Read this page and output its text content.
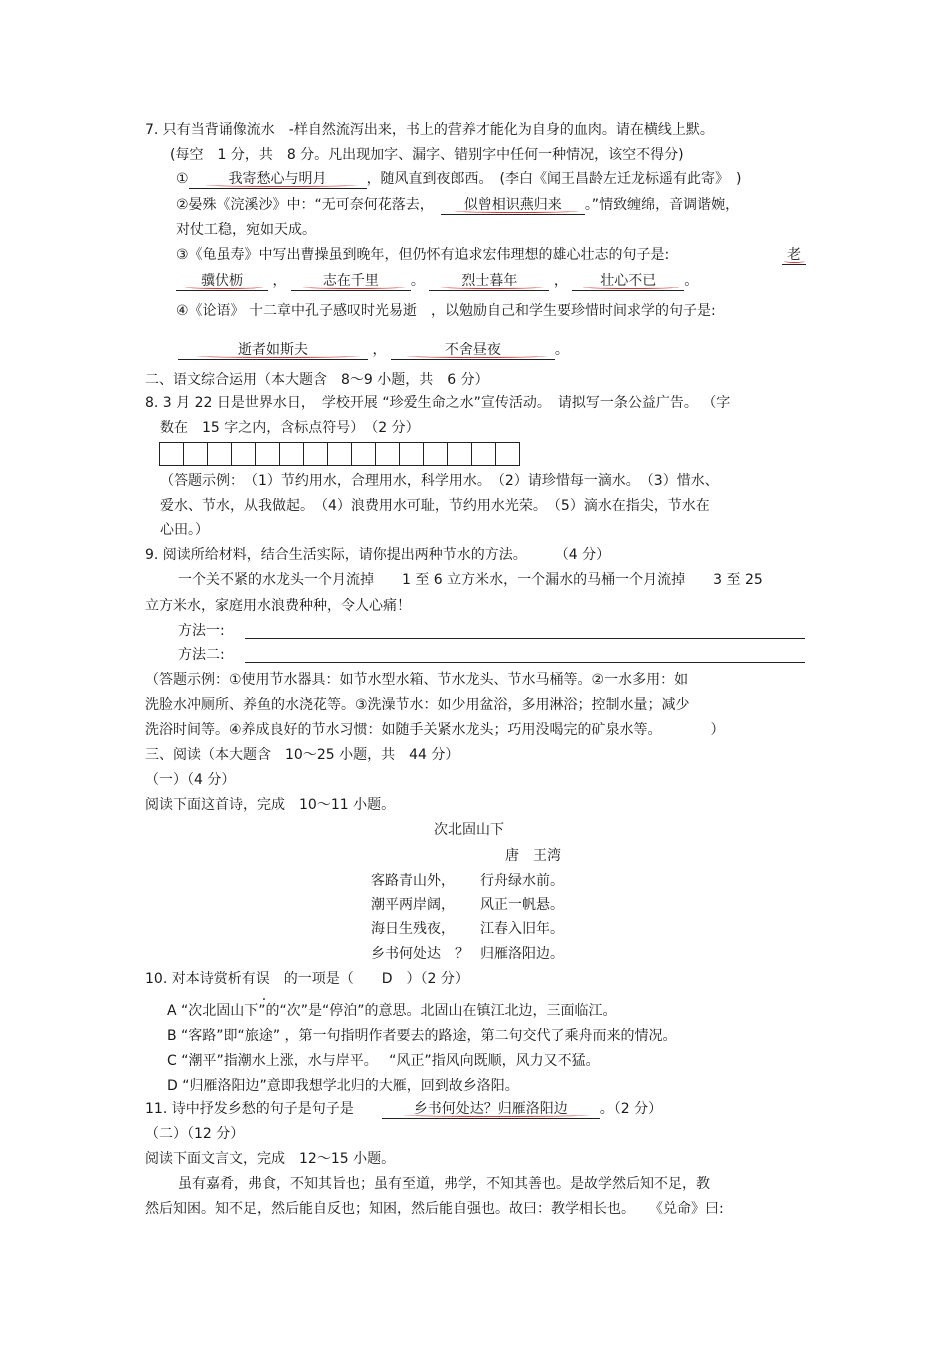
7. 只有当背诵像流水　-样自然流泻出来，书上的营养才能化为自身的血肉。请在横线上默。
(每空　1 分，共　8 分。凡出现加字、漏字、错别字中任何一种情况，该空不得分)
①	我寄愁心与明月	，随风直到夜郎西。　(李白《闻王昌龄左迁龙标遥有此寄》　)
②晏殊《浣溪沙》中：“无可奈何花落去，　	似曾相识燕归来 。”情致缠绵，音调谐婉，
对仗工稳，宛如天成。
③《龟虽寿》中写出曹操虽到晚年，但仍怀有追求宏伟理想的雄心壮志的句子是:	老
骥伏枥 ，	志在千里 。	烈士暮年	， 壮心不已 。
④《论语》 十二章中孔子感叹时光易逝　，以勉励自己和学生要珍惜时间求学的句子是:
逝者如斯夫	，	不舍昼夜	。
二、语文综合运用（本大题含　8～9 小题，共　6 分）
8. 3 月 22 日是世界水日，　学校开展 “珍爱生命之水”宣传活动。　请拟写一条公益广告。 （字
数在　15 字之内，含标点符号）　（2 分）
（答题示例：　（1）节约用水，合理用水，科学用水。　（2）请珍惜每一滴水。　（3）惜水、
爱水、节水，从我做起。　（4）浪费用水可耻，节约用水光荣。　（5）滴水在指尖，节水在
心田。）
9. 阅读所给材料，结合生活实际，请你提出两种节水的方法。　　　（4 分）
一个关不紧的水龙头一个月流掉　　1 至 6 立方米水，一个漏水的马桶一个月流掉　　3 至 25
立方米水，家庭用水浪费种种，令人心痛！
方法一:
方法二:
（答题示例：①使用节水器具：如节水型水箱、节水龙头、节水马桶等。②一水多用：如
洗脸水冲厕所、养鱼的水浇花等。③洗澡节水：如少用盆浴，多用淋浴；控制水量；减少
洗浴时间等。④养成良好的节水习惯：如随手关紧水龙头；巧用没喝完的矿泉水等。　　　　）
三、阅读（本大题含　10～25 小题，共　44 分）
（一）（4 分）
阅读下面这首诗，完成　10～11 小题。
次北固山下
唐　王湾
客路青山外， 行舟绿水前。
潮平两岸阔， 风正一帆悬。
海日生残夜， 江春入旧年。
乡书何处达　？ 归雁洛阳边。
10. 对本诗赏析有误　的一项是（　　D　）（2 分）
A “次北固山下”的“次”是“停泊”的意思。北固山在镇江北边，三面临江。
B “客路”即“旅途” ，第一句指明作者要去的路途，第二句交代了乘舟而来的情况。
C “潮平”指潮水上涨，水与岸平。　 “风正”指风向既顺，风力又不猛。
D “归雁洛阳边”意即我想学北归的大雁，回到故乡洛阳。
11. 诗中抒发乡愁的句子是句子是　　	乡书何处达？归雁洛阳边 。（2 分）
（二）（12 分）
阅读下面文言文，完成　12～15 小题。
虽有嘉肴，弗食，不知其旨也；虽有至道，弗学，不知其善也。是故学然后知不足，教
然后知困。知不足，然后能自反也；知困，然后能自强也。故曰：教学相长也。　　《兑命》曰:
